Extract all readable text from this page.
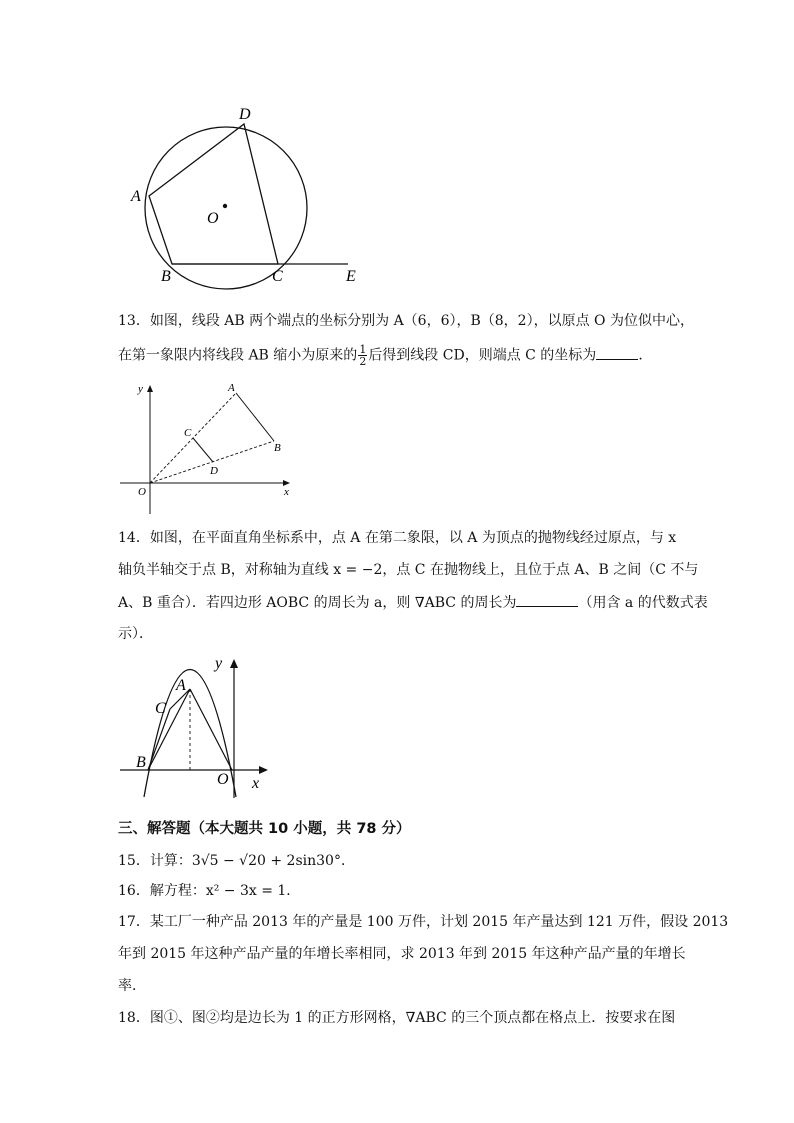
A
D
O
B	C	E
13．如图，线段 AB 两个端点的坐标分别为 A（6，6），B（8，2），以原点 O 为位似中心，
在第一象限内将线段 AB 缩小为原来的 $\frac{1}{2}$ 后得到线段 CD，则端点 C 的坐标为	．
y
x
O
A
B
C
D
14．如图，在平面直角坐标系中，点 A 在第二象限，以 A 为顶点的抛物线经过原点，与 x
轴负半轴交于点 B，对称轴为直线 x = −2，点 C 在抛物线上，且位于点 A、B 之间（C 不与
A、B 重合）．若四边形 AOBC 的周长为 a，则 ∇ABC 的周长为	（用含 a 的代数式表
示）．
y
A
C
B
O x
三、解答题（本大题共 10 小题，共 78 分）
15．计算：3√5 − √20 + 2sin30°．
16．解方程：x² − 3x = 1．
17．某工厂一种产品 2013 年的产量是 100 万件，计划 2015 年产量达到 121 万件，假设 2013
年到 2015 年这种产品产量的年增长率相同，求 2013 年到 2015 年这种产品产量的年增长
率．
18．图①、图②均是边长为 1 的正方形网格，∇ABC 的三个顶点都在格点上．按要求在图
